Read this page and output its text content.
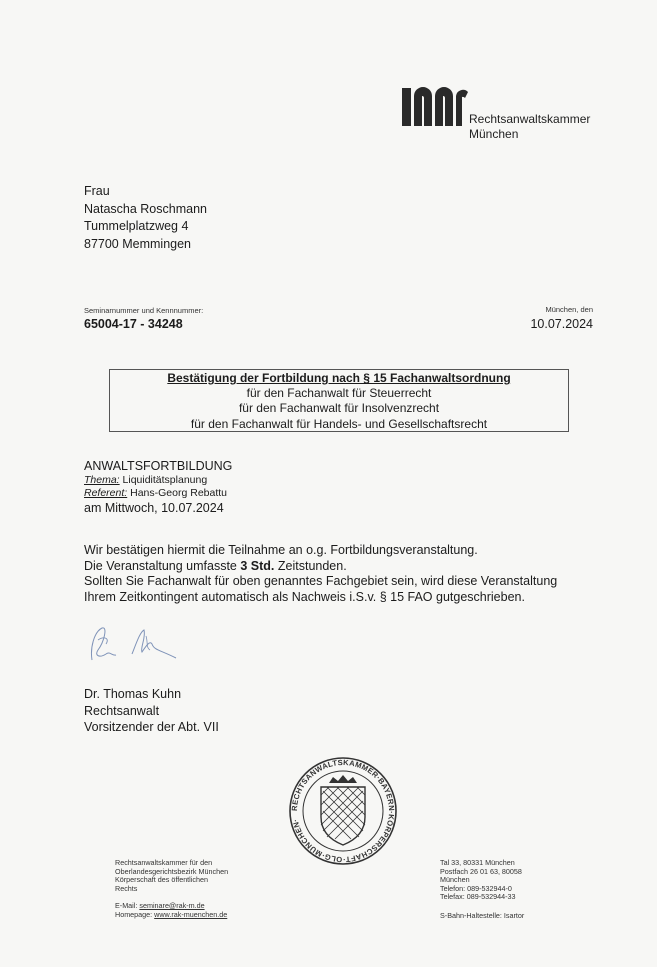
Rechtsanwaltskammer
München
Frau
Natascha Roschmann
Tummelplatzweg 4
87700 Memmingen
Seminarnummer und Kennnummer:
65004-17 - 34248
München, den
10.07.2024
Bestätigung der Fortbildung nach § 15 Fachanwaltsordnung
für den Fachanwalt für Steuerrecht
für den Fachanwalt für Insolvenzrecht
für den Fachanwalt für Handels- und Gesellschaftsrecht
ANWALTSFORTBILDUNG
Thema: Liquiditätsplanung
Referent: Hans-Georg Rebattu
am Mittwoch, 10.07.2024
Wir bestätigen hiermit die Teilnahme an o.g. Fortbildungsveranstaltung.
Die Veranstaltung umfasste 3 Std. Zeitstunden.
Sollten Sie Fachanwalt für oben genanntes Fachgebiet sein, wird diese Veranstaltung
Ihrem Zeitkontingent automatisch als Nachweis i.S.v. § 15 FAO gutgeschrieben.
Dr. Thomas Kuhn
Rechtsanwalt
Vorsitzender der Abt. VII
RECHTSANWALTSKAMMER·BAYERN·KÖRPERSCHAFT·OLG·MÜNCHEN·
Rechtsanwaltskammer für den
Oberlandesgerichtsbezirk München
Körperschaft des öffentlichen
Rechts
E-Mail: seminare@rak-m.de
Homepage: www.rak-muenchen.de
Tal 33, 80331 München
Postfach 26 01 63, 80058
München
Telefon: 089-532944-0
Telefax: 089-532944-33
S-Bahn-Haltestelle: Isartor
